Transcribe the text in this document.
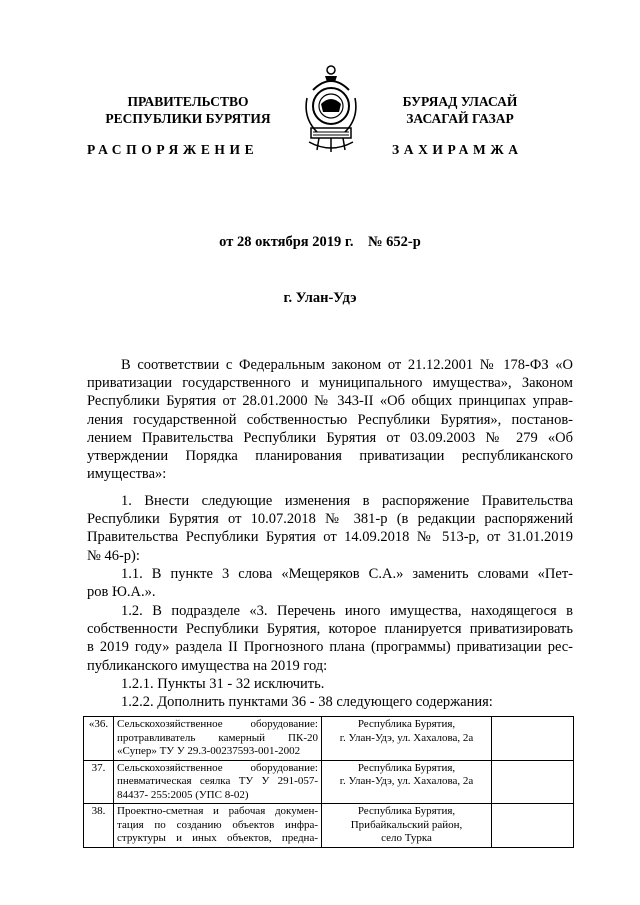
ПРАВИТЕЛЬСТВО
РЕСПУБЛИКИ БУРЯТИЯ
БУРЯАД УЛАСАЙ
ЗАСАГАЙ ГАЗАР
РАСПОРЯЖЕНИЕ	ЗАХИРАМЖА
от 28 октября 2019 г.    № 652-р
г. Улан-Удэ
В соответствии с Федеральным законом от 21.12.2001 № 178-ФЗ «О
приватизации государственного и муниципального имущества», Законом
Республики Бурятия от 28.01.2000 № 343-II «Об общих принципах управ-
ления государственной собственностью Республики Бурятия», постанов-
лением Правительства Республики Бурятия от 03.09.2003 № 279 «Об
утверждении Порядка планирования приватизации республиканского
имущества»:
1. Внести следующие изменения в распоряжение Правительства
Республики Бурятия от 10.07.2018 № 381-р (в редакции распоряжений
Правительства Республики Бурятия от 14.09.2018 № 513-р, от 31.01.2019
№ 46-р):
1.1. В пункте 3 слова «Мещеряков С.А.» заменить словами «Пет-
ров Ю.А.».
1.2. В подразделе «3. Перечень иного имущества, находящегося в
собственности Республики Бурятия, которое планируется приватизировать
в 2019 году» раздела II Прогнозного плана (программы) приватизации рес-
публиканского имущества на 2019 год:
1.2.1. Пункты 31 - 32 исключить.
1.2.2. Дополнить пунктами 36 - 38 следующего содержания:
«36.	Сельскохозяйственное оборудование:
протравливатель камерный ПК-20
«Супер» ТУ У 29.3-00237593-001-2002	Республика Бурятия,
г. Улан-Удэ, ул. Хахалова, 2а	

37.	Сельскохозяйственное оборудование:
пневматическая сеялка ТУ У 291-057-
84437- 255:2005 (УПС 8-02)	Республика Бурятия,
г. Улан-Удэ, ул. Хахалова, 2а	

38.	Проектно-сметная и рабочая докумен-
тация по созданию объектов инфра-
структуры и иных объектов, предна-	Республика Бурятия,
Прибайкальский район,
село Турка	
